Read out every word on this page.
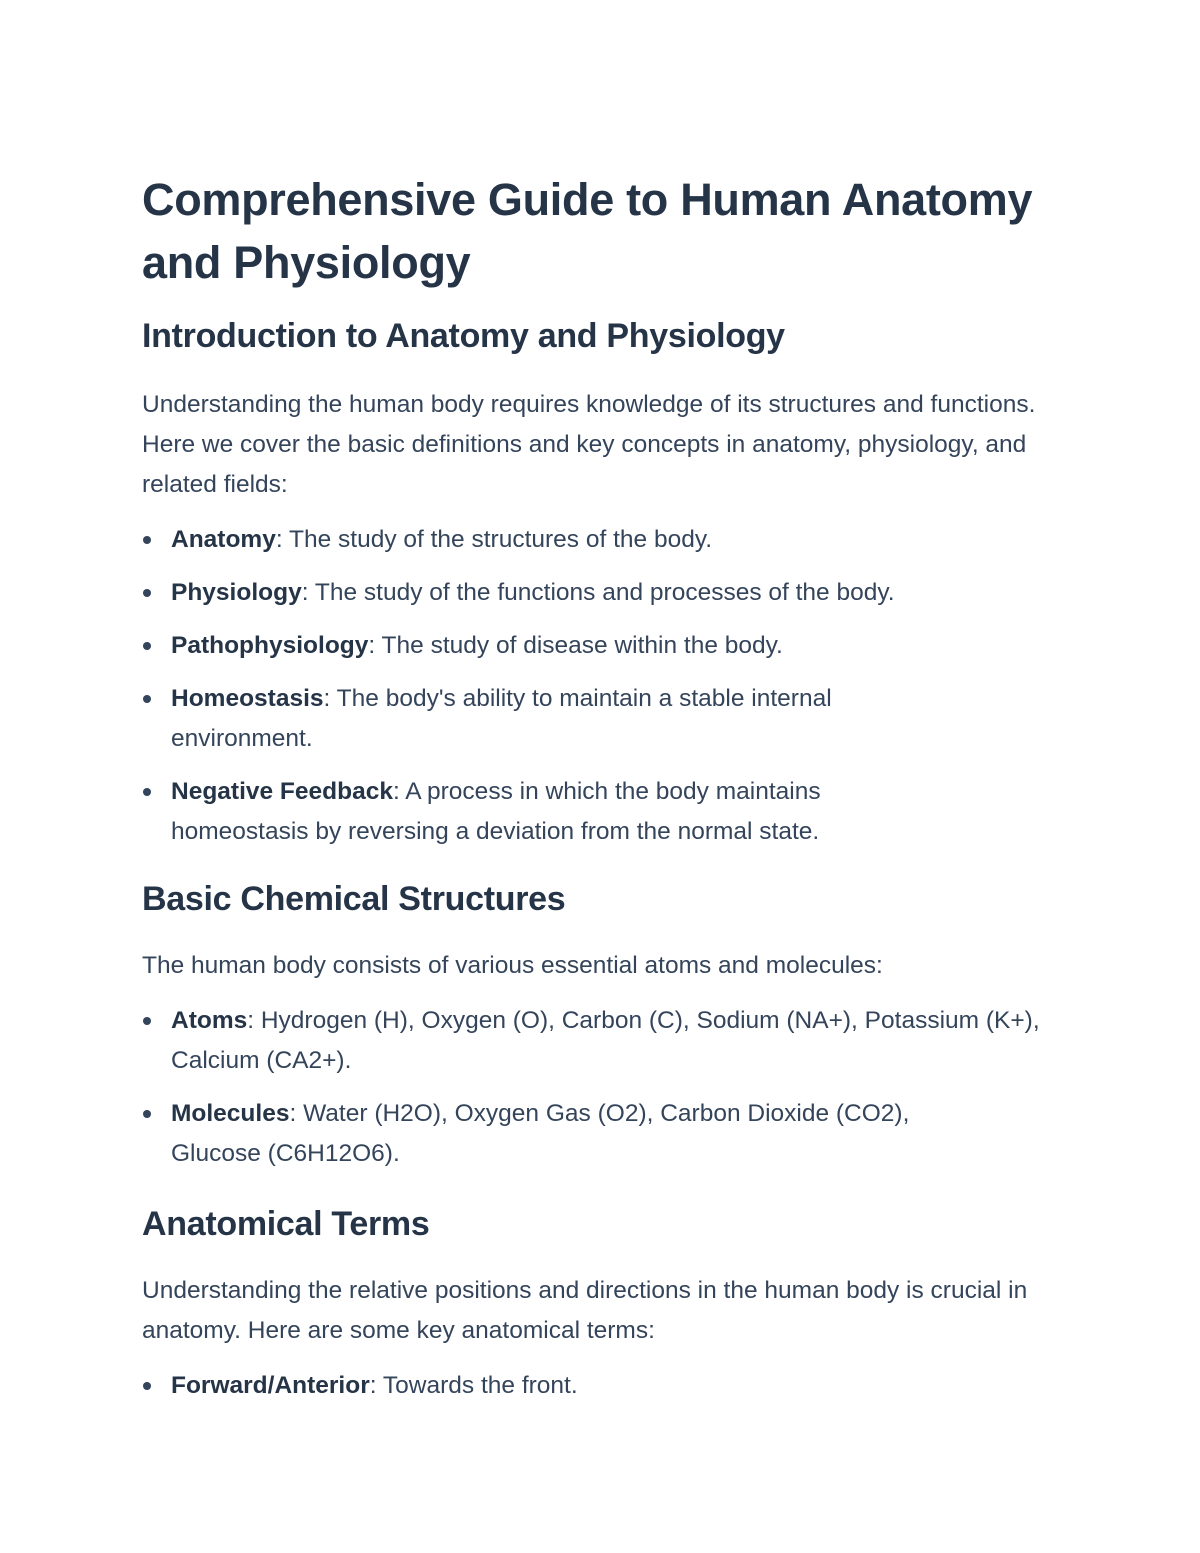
Comprehensive Guide to Human Anatomy and Physiology
Introduction to Anatomy and Physiology

Understanding the human body requires knowledge of its structures and functions. Here we cover the basic definitions and key concepts in anatomy, physiology, and related fields:

Anatomy: The study of the structures of the body.
Physiology: The study of the functions and processes of the body.
Pathophysiology: The study of disease within the body.
Homeostasis: The body's ability to maintain a stable internal environment.
Negative Feedback: A process in which the body maintains homeostasis by reversing a deviation from the normal state.
Basic Chemical Structures

The human body consists of various essential atoms and molecules:

Atoms: Hydrogen (H), Oxygen (O), Carbon (C), Sodium (NA+), Potassium (K+), Calcium (CA2+).
Molecules: Water (H2O), Oxygen Gas (O2), Carbon Dioxide (CO2), Glucose (C6H12O6).
Anatomical Terms

Understanding the relative positions and directions in the human body is crucial in anatomy. Here are some key anatomical terms:

Forward/Anterior: Towards the front.
